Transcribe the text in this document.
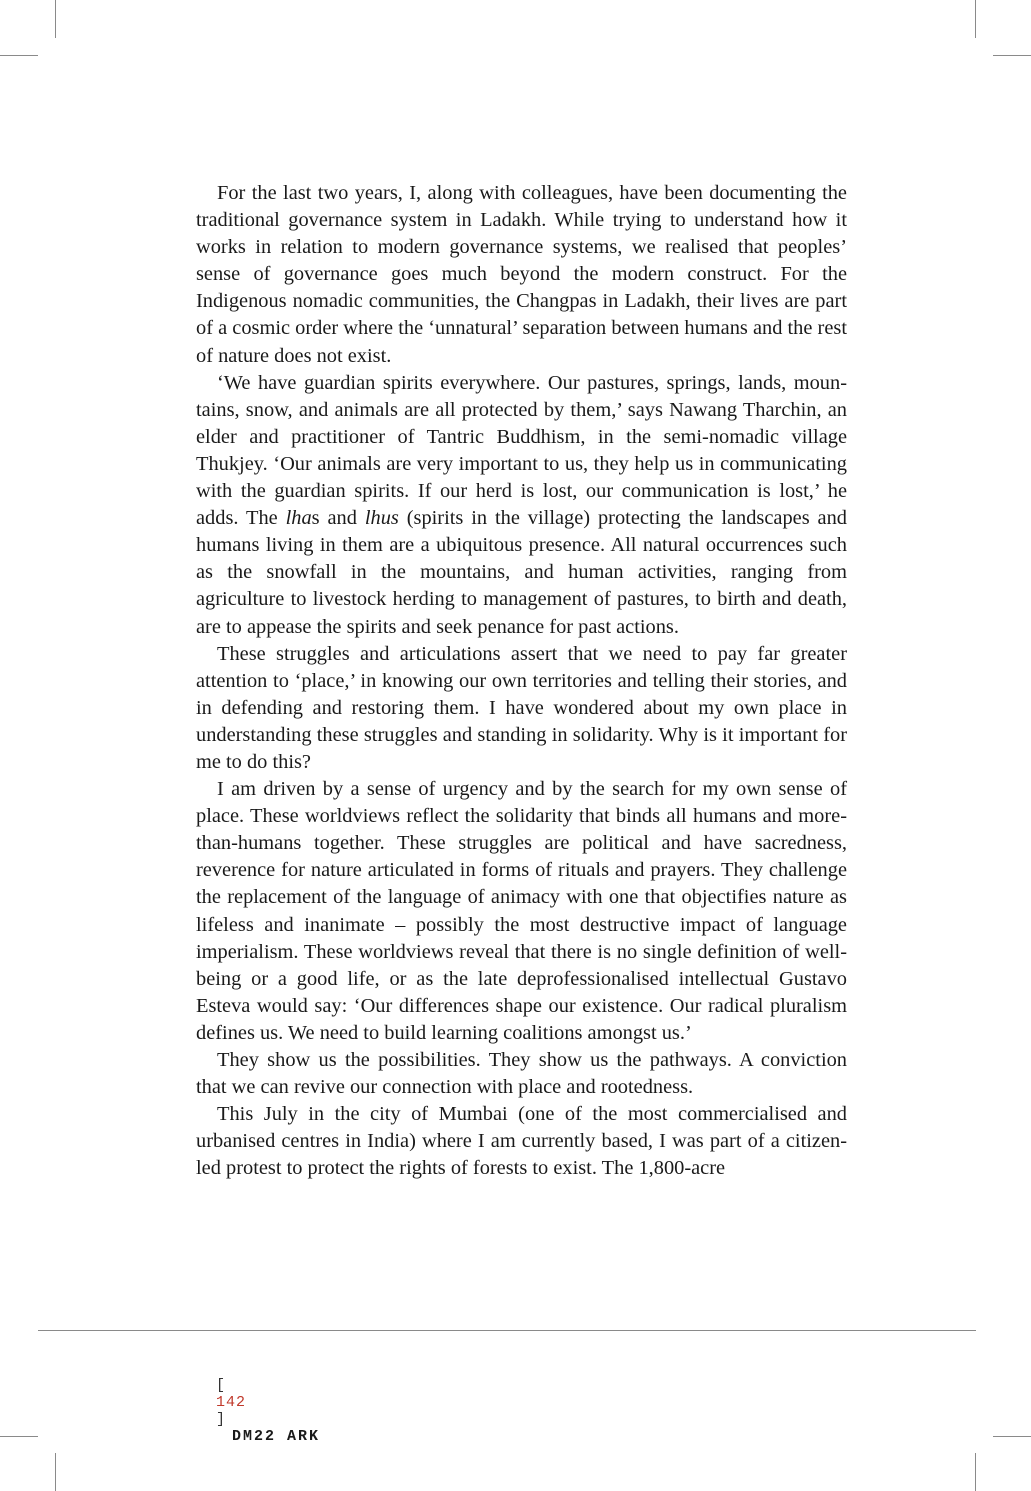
For the last two years, I, along with colleagues, have been documenting the traditional governance system in Ladakh. While trying to understand how it works in relation to modern governance systems, we realised that peoples’ sense of governance goes much beyond the modern construct. For the Indigenous nomadic communities, the Changpas in Ladakh, their lives are part of a cosmic order where the ‘unnatural’ separation between humans and the rest of nature does not exist.

‘We have guardian spirits everywhere. Our pastures, springs, lands, mountains, snow, and animals are all protected by them,’ says Nawang Tharchin, an elder and practitioner of Tantric Buddhism, in the semi-nomadic village Thukjey. ‘Our animals are very important to us, they help us in communicating with the guardian spirits. If our herd is lost, our communication is lost,’ he adds. The lhas and lhus (spirits in the village) protecting the landscapes and humans living in them are a ubiquitous presence. All natural occurrences such as the snowfall in the mountains, and human activities, ranging from agriculture to livestock herding to management of pastures, to birth and death, are to appease the spirits and seek penance for past actions.

These struggles and articulations assert that we need to pay far greater attention to ‘place,’ in knowing our own territories and telling their stories, and in defending and restoring them. I have wondered about my own place in understanding these struggles and standing in solidarity. Why is it important for me to do this?

I am driven by a sense of urgency and by the search for my own sense of place. These worldviews reflect the solidarity that binds all humans and more-than-humans together. These struggles are political and have sacredness, reverence for nature articulated in forms of rituals and prayers. They challenge the replacement of the language of animacy with one that objectifies nature as lifeless and inanimate – possibly the most destructive impact of language imperialism. These worldviews reveal that there is no single definition of well-being or a good life, or as the late deprofessionalised intellectual Gustavo Esteva would say: ‘Our differences shape our existence. Our radical pluralism defines us. We need to build learning coalitions amongst us.’

They show us the possibilities. They show us the pathways. A conviction that we can revive our connection with place and rootedness.

This July in the city of Mumbai (one of the most commercialised and urbanised centres in India) where I am currently based, I was part of a citizen-led protest to protect the rights of forests to exist. The 1,800-acre

[
142
]
DM22 ARK
